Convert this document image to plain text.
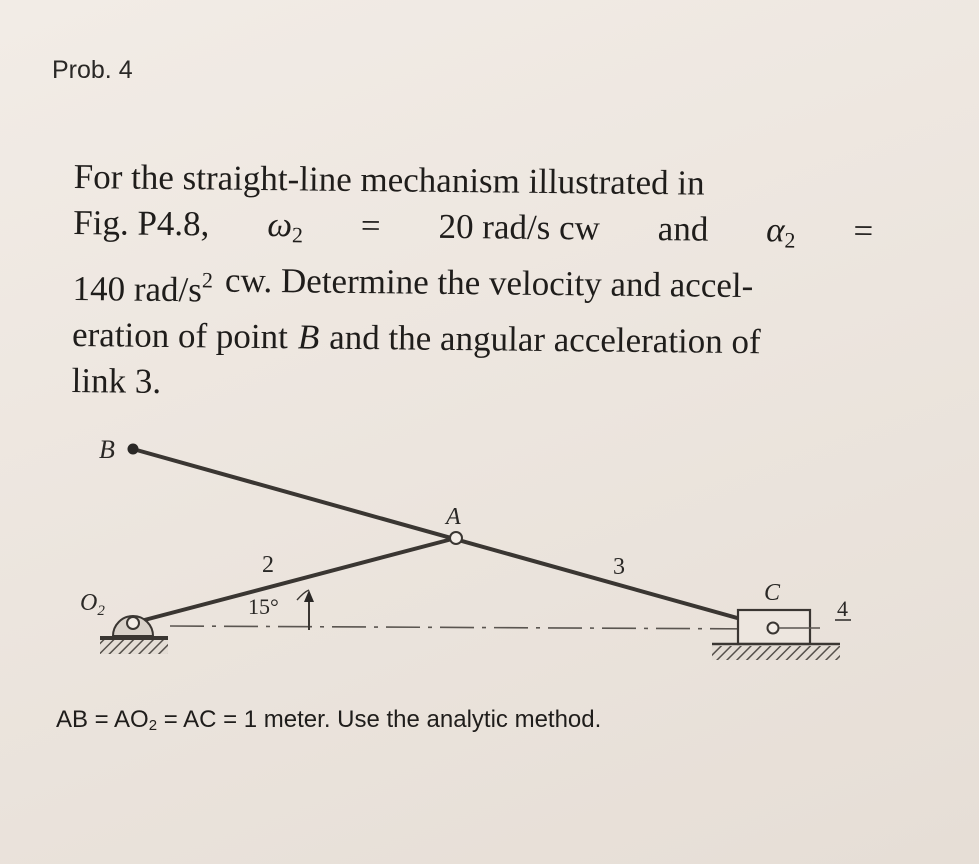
Prob. 4
For the straight-line mechanism illustrated in
Fig. P4.8, $\omega_2 = 20$ rad/s cw and $\alpha_2$ =
140 rad/$s^2$ cw. Determine the velocity and accel-
eration of point B and the angular acceleration of
link 3.
B
A
C
$O_2$
2	3
4
15°
AB = $AO_2$ = AC = 1 meter. Use the analytic method.
